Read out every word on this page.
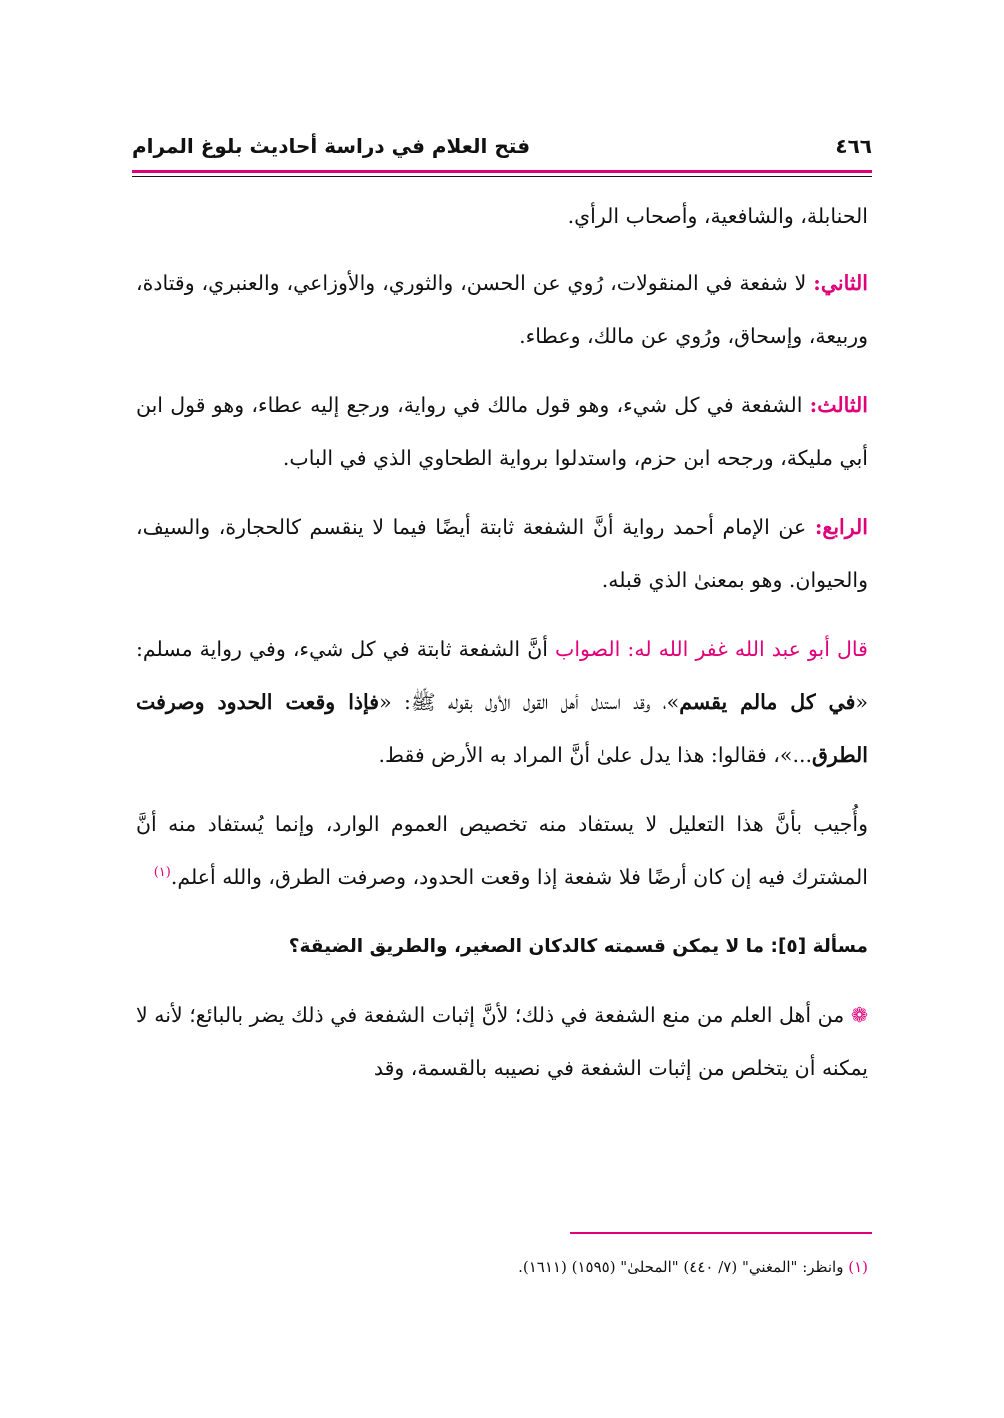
٤٦٦
فتح العلام في دراسة أحاديث بلوغ المرام

الحنابلة، والشافعية، وأصحاب الرأي.

الثاني: لا شفعة في المنقولات، رُوي عن الحسن، والثوري، والأوزاعي، والعنبري، وقتادة، وربيعة، وإسحاق، ورُوي عن مالك، وعطاء.

الثالث: الشفعة في كل شيء، وهو قول مالك في رواية، ورجع إليه عطاء، وهو قول ابن أبي مليكة، ورجحه ابن حزم، واستدلوا برواية الطحاوي الذي في الباب.

الرابع: عن الإمام أحمد رواية أنَّ الشفعة ثابتة أيضًا فيما لا ينقسم كالحجارة، والسيف، والحيوان. وهو بمعنىٰ الذي قبله.

قال أبو عبد الله غفر الله له: الصواب أنَّ الشفعة ثابتة في كل شيء، وفي رواية مسلم: «في كل مالم يقسم»، وقد استدل أهل القول الأول بقوله ﷺ: «فإذا وقعت الحدود وصرفت الطرق...»، فقالوا: هذا يدل علىٰ أنَّ المراد به الأرض فقط.

وأُجيب بأنَّ هذا التعليل لا يستفاد منه تخصيص العموم الوارد، وإنما يُستفاد منه أنَّ المشترك فيه إن كان أرضًا فلا شفعة إذا وقعت الحدود، وصرفت الطرق، والله أعلم.$^{(١)}$

مسألة [٥]: ما لا يمكن قسمته كالدكان الصغير، والطريق الضيقة؟

❁ من أهل العلم من منع الشفعة في ذلك؛ لأنَّ إثبات الشفعة في ذلك يضر بالبائع؛ لأنه لا يمكنه أن يتخلص من إثبات الشفعة في نصيبه بالقسمة، وقد

(١) وانظر: "المغني" (٧/ ٤٤٠) "المحلىٰ" (١٥٩٥) (١٦١١).
